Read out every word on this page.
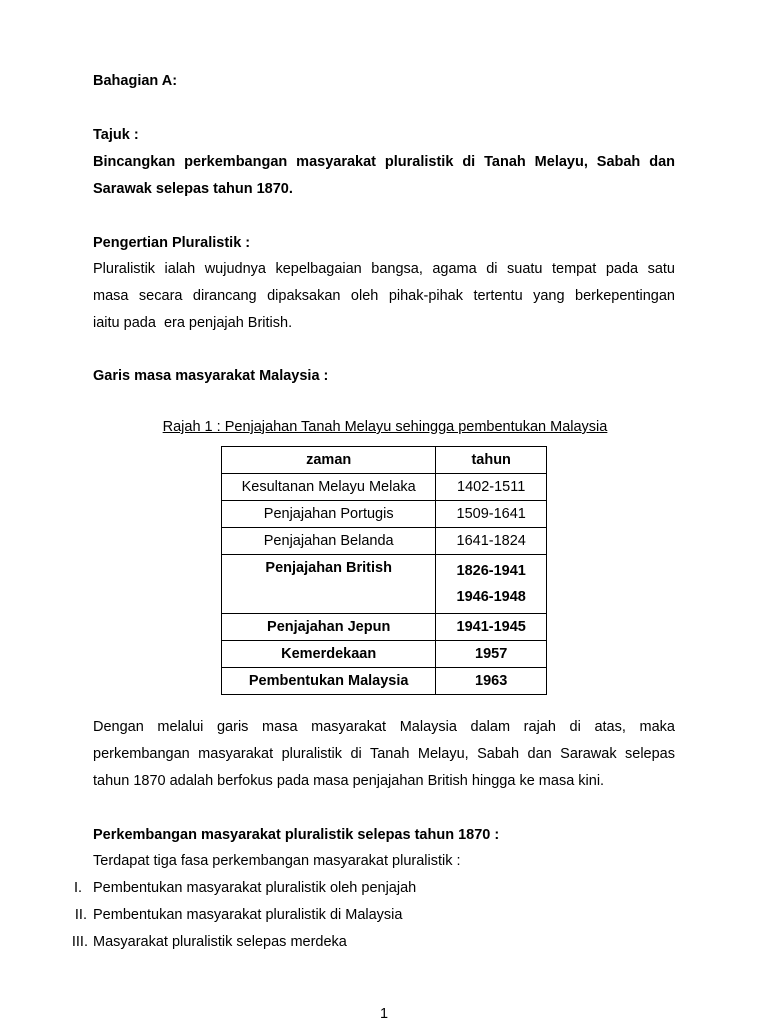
Bahagian A:
Tajuk :
Bincangkan perkembangan masyarakat pluralistik di Tanah Melayu, Sabah dan
Sarawak selepas tahun 1870.
Pengertian Pluralistik :
Pluralistik ialah wujudnya kepelbagaian bangsa, agama di suatu tempat pada satu
masa secara dirancang dipaksakan oleh pihak-pihak tertentu yang berkepentingan
iaitu pada  era penjajah British.
Garis masa masyarakat Malaysia :
Rajah 1 : Penjajahan Tanah Melayu sehingga pembentukan Malaysia
zaman	tahun
Kesultanan Melayu Melaka	1402-1511
Penjajahan Portugis	1509-1641
Penjajahan Belanda	1641-1824
Penjajahan British	1826-1941
1946-1948

Penjajahan Jepun	1941-1945
Kemerdekaan	1957
Pembentukan Malaysia	1963
Dengan melalui garis masa masyarakat Malaysia dalam rajah di atas, maka
perkembangan masyarakat pluralistik di Tanah Melayu, Sabah dan Sarawak selepas
tahun 1870 adalah berfokus pada masa penjajahan British hingga ke masa kini.
Perkembangan masyarakat pluralistik selepas tahun 1870 :
Terdapat tiga fasa perkembangan masyarakat pluralistik :
I. Pembentukan masyarakat pluralistik oleh penjajah
II. Pembentukan masyarakat pluralistik di Malaysia
III. Masyarakat pluralistik selepas merdeka
1
